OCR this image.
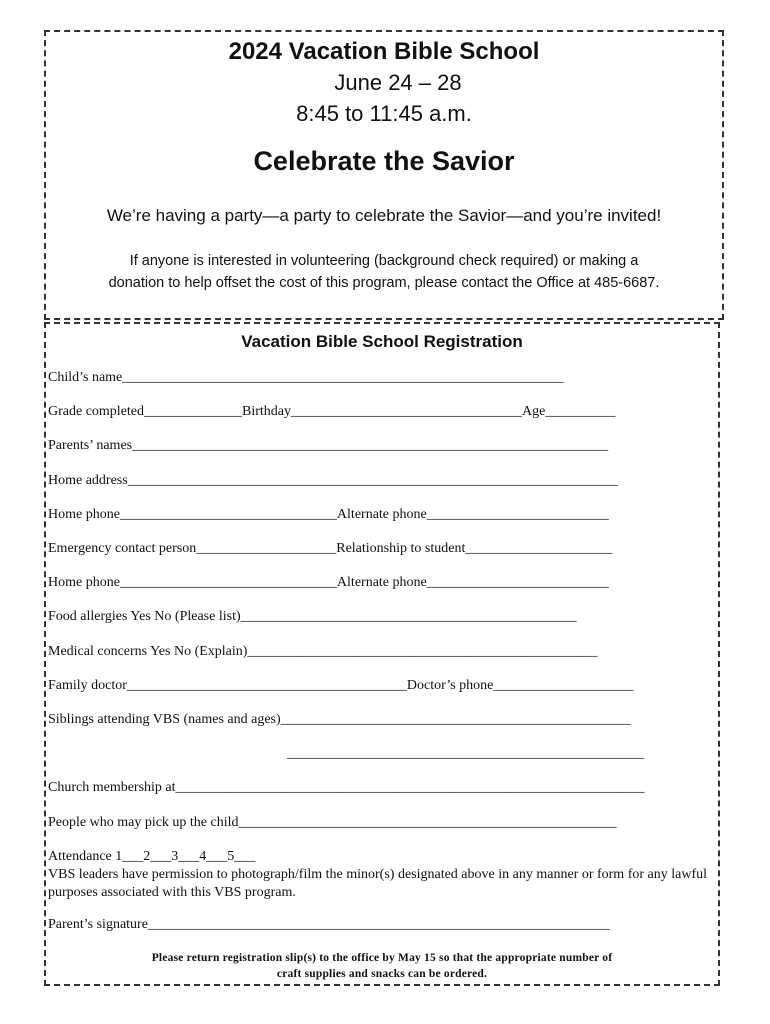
2024 Vacation Bible School
June 24 – 28
8:45 to 11:45 a.m.
Celebrate the Savior
We’re having a party—a party to celebrate the Savior—and you’re invited!
If anyone is interested in volunteering (background check required) or making a
donation to help offset the cost of this program, please contact the Office at 485-6687.
Vacation Bible School Registration
Child’s name_______________________________________________________________
Grade completed______________Birthday_________________________________Age__________
Parents’ names____________________________________________________________________
Home address______________________________________________________________________
Home phone_______________________________Alternate phone__________________________
Emergency contact person____________________Relationship to student_____________________
Home phone_______________________________Alternate phone__________________________
Food allergies Yes No (Please list)________________________________________________
Medical concerns Yes No (Explain)__________________________________________________
Family doctor________________________________________Doctor’s phone____________________
Siblings attending VBS (names and ages)__________________________________________________
___________________________________________________
Church membership at___________________________________________________________________
People who may pick up the child______________________________________________________
Attendance 1___2___3___4___5___
VBS leaders have permission to photograph/film the minor(s) designated above in any manner or form for any lawful purposes associated with this VBS program.
Parent’s signature__________________________________________________________________
Please return registration slip(s) to the office by May 15 so that the appropriate number of
craft supplies and snacks can be ordered.
